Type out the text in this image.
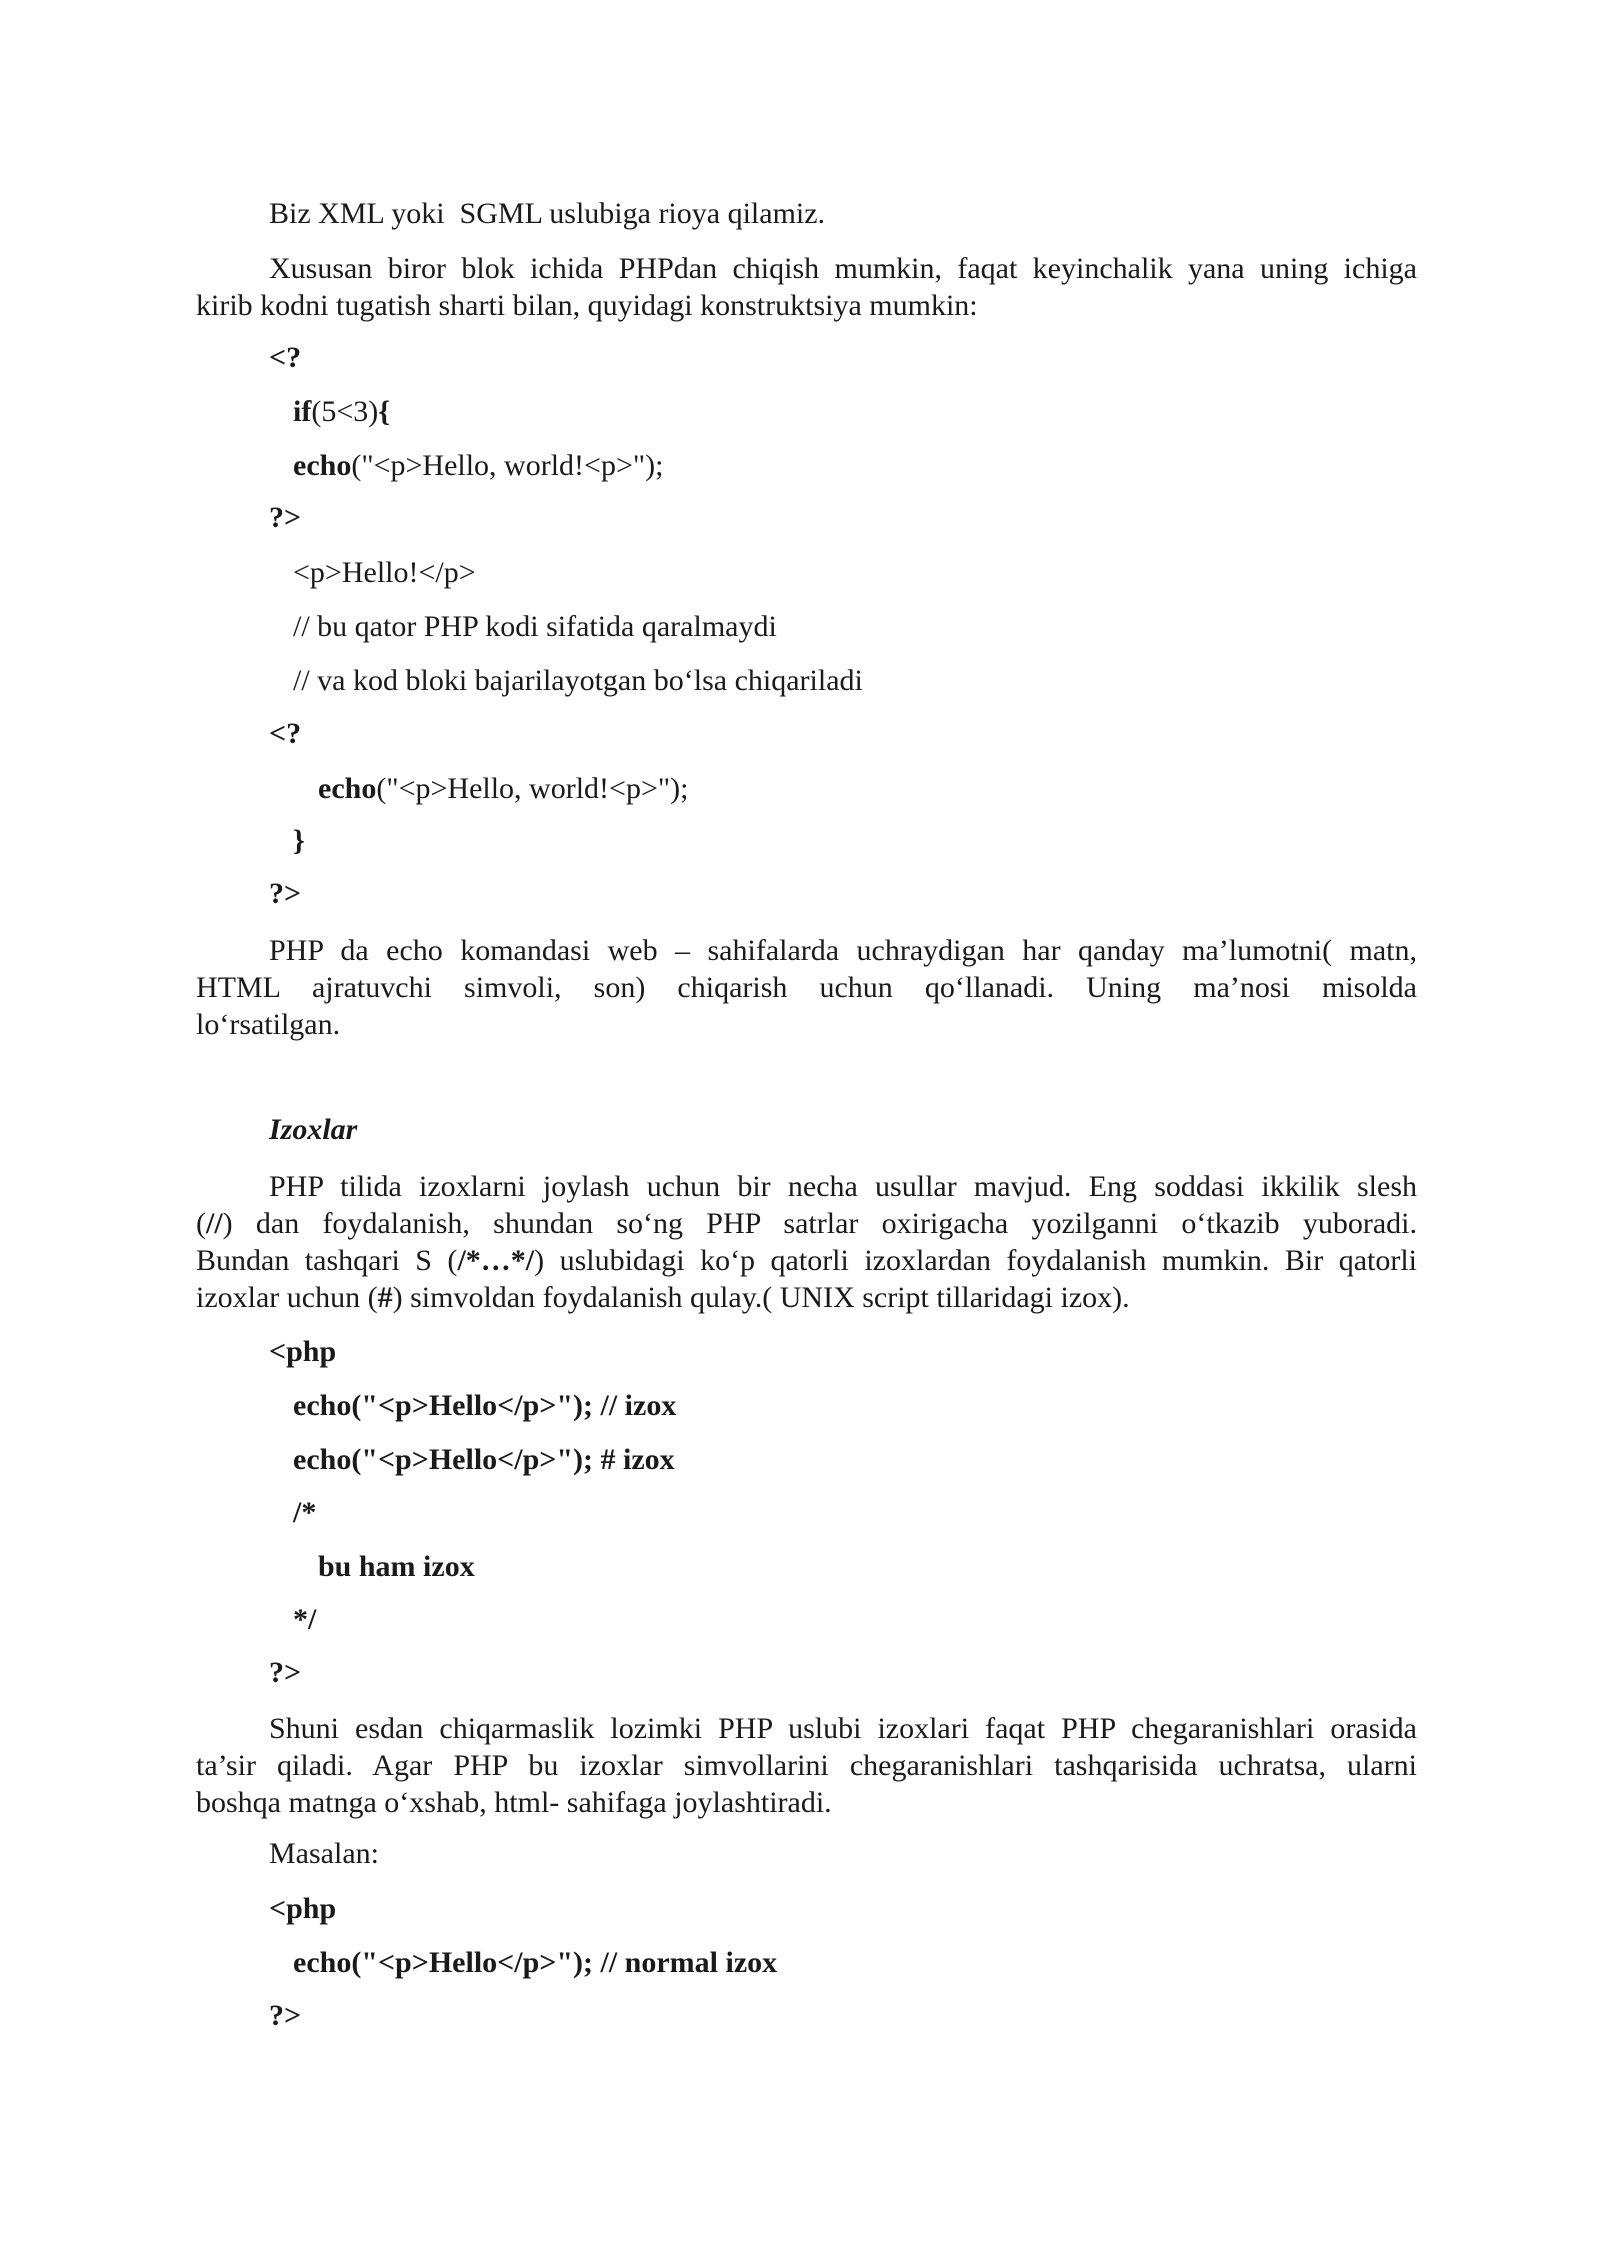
Biz XML yoki  SGML uslubiga rioya qilamiz.

Xususan biror blok ichida PHPdan chiqish mumkin, faqat keyinchalik yana uning ichiga
kirib kodni tugatish sharti bilan, quyidagi konstruktsiya mumkin:

<?

if(5<3){

echo("<p>Hello, world!<p>");

?>

<p>Hello!</p>

// bu qator PHP kodi sifatida qaralmaydi

// va kod bloki bajarilayotgan bo‘lsa chiqariladi

<?

echo("<p>Hello, world!<p>");

}

?>

PHP da echo komandasi web – sahifalarda uchraydigan har qanday ma’lumotni( matn,
HTML ajratuvchi simvoli, son) chiqarish uchun qo‘llanadi. Uning ma’nosi misolda
lo‘rsatilgan.

Izoxlar

PHP tilida izoxlarni joylash uchun bir necha usullar mavjud. Eng soddasi ikkilik slesh
(//) dan foydalanish, shundan so‘ng PHP satrlar oxirigacha yozilganni o‘tkazib yuboradi.
Bundan tashqari S (/*…*/) uslubidagi ko‘p qatorli izoxlardan foydalanish mumkin. Bir qatorli
izoxlar uchun (#) simvoldan foydalanish qulay.( UNIX script tillaridagi izox).

<php

echo("<p>Hello</p>"); // izox

echo("<p>Hello</p>"); # izox

/*

bu ham izox

*/

?>

Shuni esdan chiqarmaslik lozimki PHP uslubi izoxlari faqat PHP chegaranishlari orasida
ta’sir qiladi. Agar PHP bu izoxlar simvollarini chegaranishlari tashqarisida uchratsa, ularni
boshqa matnga o‘xshab, html- sahifaga joylashtiradi.

Masalan:

<php

echo("<p>Hello</p>"); // normal izox

?>
